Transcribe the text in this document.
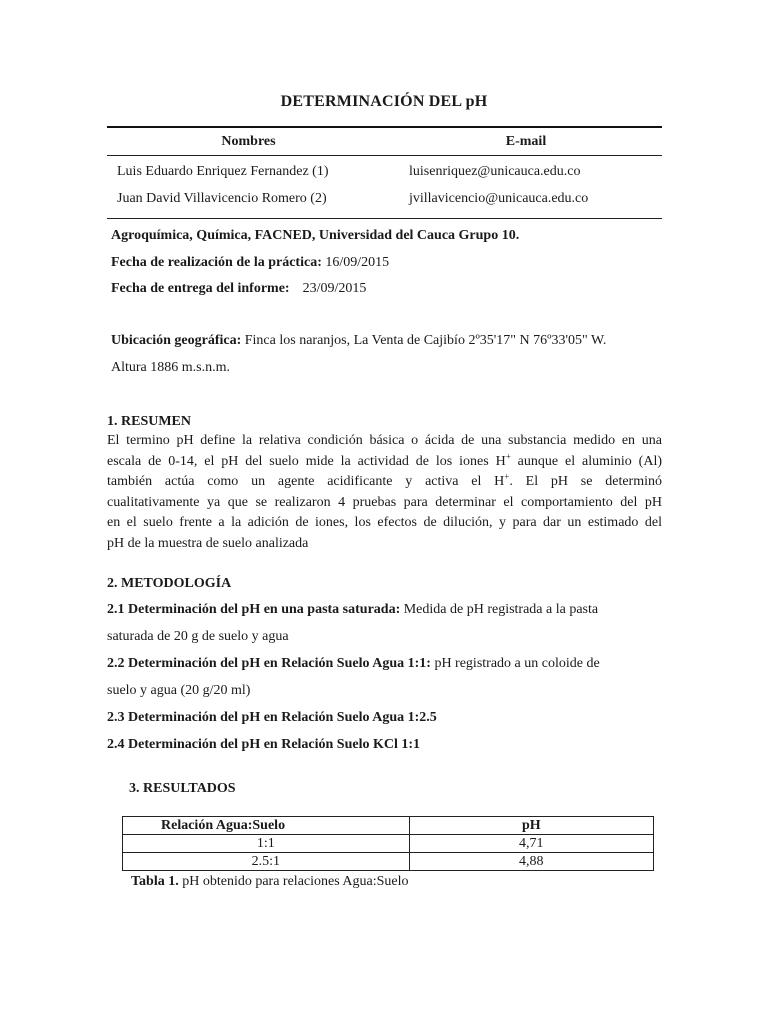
DETERMINACIÓN DEL pH
Nombres	E-mail
Luis Eduardo Enriquez Fernandez (1)	luisenriquez@unicauca.edu.co
Juan David Villavicencio Romero (2)	jvillavicencio@unicauca.edu.co
Agroquímica, Química, FACNED, Universidad del Cauca Grupo 10.
Fecha de realización de la práctica: 16/09/2015
Fecha de entrega del informe: 23/09/2015
Ubicación geográfica: Finca los naranjos, La Venta de Cajibío 2º35'17" N 76º33'05" W.
Altura 1886 m.s.n.m.
1. RESUMEN
El termino pH define la relativa condición básica o ácida de una substancia medido en una
escala de 0-14, el pH del suelo mide la actividad de los iones H+ aunque el aluminio (Al)
también actúa como un agente acidificante y activa el H+. El pH se determinó
cualitativamente ya que se realizaron 4 pruebas para determinar el comportamiento del pH
en el suelo frente a la adición de iones, los efectos de dilución, y para dar un estimado del
pH de la muestra de suelo analizada
2. METODOLOGÍA
2.1 Determinación del pH en una pasta saturada: Medida de pH registrada a la pasta
saturada de 20 g de suelo y agua
2.2 Determinación del pH en Relación Suelo Agua 1:1: pH registrado a un coloide de
suelo y agua (20 g/20 ml)
2.3 Determinación del pH en Relación Suelo Agua 1:2.5
2.4 Determinación del pH en Relación Suelo KCl 1:1
3. RESULTADOS
Relación Agua:Suelo	pH
1:1	4,71
2.5:1	4,88
Tabla 1. pH obtenido para relaciones Agua:Suelo
